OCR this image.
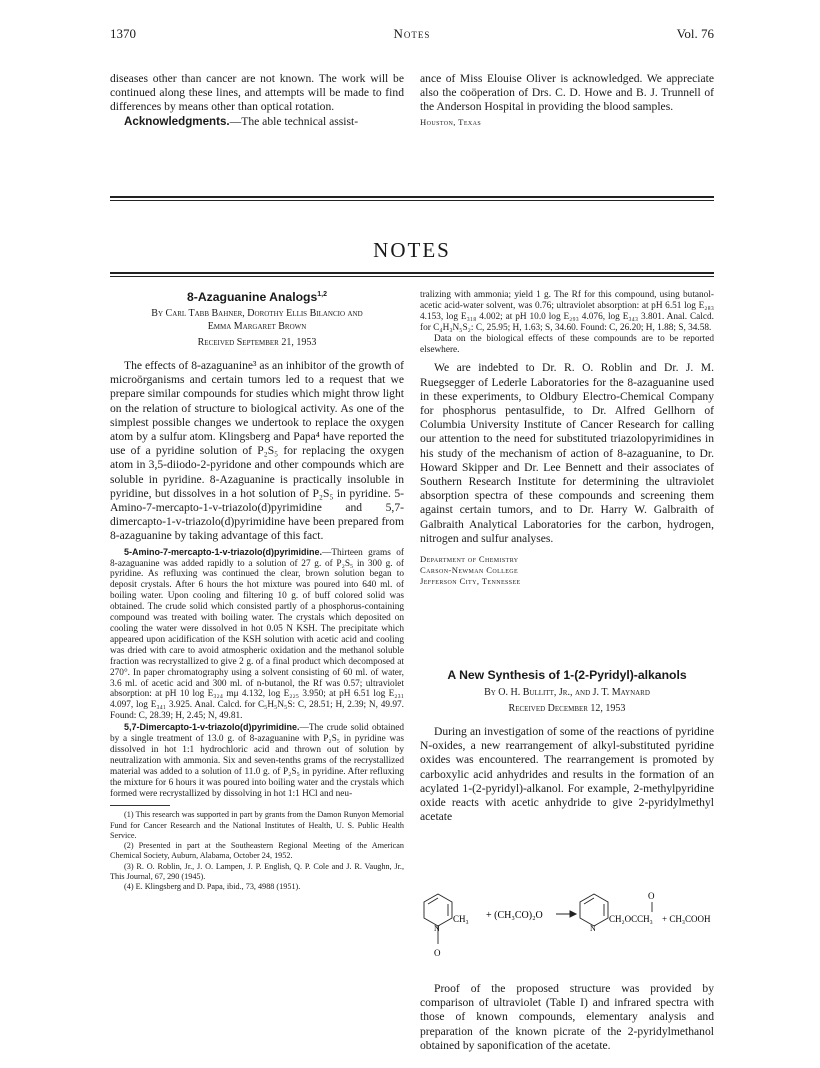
1370	Notes	Vol. 76

diseases other than cancer are not known. The work will be continued along these lines, and attempts will be made to find differences by means other than optical rotation.

Acknowledgments.—The able technical assist-

ance of Miss Elouise Oliver is acknowledged. We appreciate also the coöperation of Drs. C. D. Howe and B. J. Trunnell of the Anderson Hospital in providing the blood samples.

Houston, Texas

NOTES
8-Azaguanine Analogs$^{1,2}$
By Carl Tabb Bahner, Dorothy Ellis Bilancio and
Emma Margaret Brown
Received September 21, 1953

The effects of 8-azaguanine³ as an inhibitor of the growth of microörganisms and certain tumors led to a request that we prepare similar compounds for studies which might throw light on the relation of structure to biological activity. As one of the simplest possible changes we undertook to replace the oxygen atom by a sulfur atom. Klingsberg and Papa⁴ have reported the use of a pyridine solution of P₂S₅ for replacing the oxygen atom in 3,5-diiodo-2-pyridone and other compounds which are soluble in pyridine. 8-Azaguanine is practically insoluble in pyridine, but dissolves in a hot solution of P₂S₅ in pyridine. 5-Amino-7-mercapto-1-v-triazolo(d)pyrimidine and 5,7-dimercapto-1-v-triazolo(d)pyrimidine have been prepared from 8-azaguanine by taking advantage of this fact.

5-Amino-7-mercapto-1-v-triazolo(d)pyrimidine.—Thirteen grams of 8-azaguanine was added rapidly to a solution of 27 g. of P₂S₅ in 300 g. of pyridine. As refluxing was continued the clear, brown solution began to deposit crystals. After 6 hours the hot mixture was poured into 640 ml. of boiling water. Upon cooling and filtering 10 g. of buff colored solid was obtained. The crude solid which consisted partly of a phosphorus-containing compound was treated with boiling water. The crystals which deposited on cooling the water were dissolved in hot 0.05 N KSH. The precipitate which appeared upon acidification of the KSH solution with acetic acid and cooling was dried with care to avoid atmospheric oxidation and the methanol soluble fraction was recrystallized to give 2 g. of a final product which decomposed at 270°. In paper chromatography using a solvent consisting of 60 ml. of water, 3.6 ml. of acetic acid and 300 ml. of n-butanol, the Rf was 0.57; ultraviolet absorption: at pH 10 log E₃₂₄ mμ 4.132, log E₂₂₅ 3.950; at pH 6.51 log E₂₃₁ 4.097, log E₃₄₁ 3.925. Anal. Calcd. for C₅H₅N₅S: C, 28.51; H, 2.39; N, 49.97. Found: C, 28.39; H, 2.45; N, 49.81.

5,7-Dimercapto-1-v-triazolo(d)pyrimidine.—The crude solid obtained by a single treatment of 13.0 g. of 8-azaguanine with P₂S₅ in pyridine was dissolved in hot 1:1 hydrochloric acid and thrown out of solution by neutralization with ammonia. Six and seven-tenths grams of the recrystallized material was added to a solution of 11.0 g. of P₂S₅ in pyridine. After refluxing the mixture for 6 hours it was poured into boiling water and the crystals which formed were recrystallized by dissolving in hot 1:1 HCl and neu-

(1) This research was supported in part by grants from the Damon Runyon Memorial Fund for Cancer Research and the National Institutes of Health, U. S. Public Health Service.

(2) Presented in part at the Southeastern Regional Meeting of the American Chemical Society, Auburn, Alabama, October 24, 1952.

(3) R. O. Roblin, Jr., J. O. Lampen, J. P. English, Q. P. Cole and J. R. Vaughn, Jr., This Journal, 67, 290 (1945).

(4) E. Klingsberg and D. Papa, ibid., 73, 4988 (1951).

tralizing with ammonia; yield 1 g. The Rf for this compound, using butanol-acetic acid-water solvent, was 0.76; ultraviolet absorption: at pH 6.51 log E₂₈₃ 4.153, log E₃₁₈ 4.002; at pH 10.0 log E₂₉₃ 4.076, log E₃₄₃ 3.801. Anal. Calcd. for C₄H₃N₅S₂: C, 25.95; H, 1.63; S, 34.60. Found: C, 26.20; H, 1.88; S, 34.58.

Data on the biological effects of these compounds are to be reported elsewhere.

We are indebted to Dr. R. O. Roblin and Dr. J. M. Ruegsegger of Lederle Laboratories for the 8-azaguanine used in these experiments, to Oldbury Electro-Chemical Company for phosphorus pentasulfide, to Dr. Alfred Gellhorn of Columbia University Institute of Cancer Research for calling our attention to the need for substituted triazolopyrimidines in his study of the mechanism of action of 8-azaguanine, to Dr. Howard Skipper and Dr. Lee Bennett and their associates of Southern Research Institute for determining the ultraviolet absorption spectra of these compounds and screening them against certain tumors, and to Dr. Harry W. Galbraith of Galbraith Analytical Laboratories for the carbon, hydrogen, nitrogen and sulfur analyses.

Department of Chemistry
Carson-Newman College
Jefferson City, Tennessee
A New Synthesis of 1-(2-Pyridyl)-alkanols
By O. H. Bullitt, Jr., and J. T. Maynard
Received December 12, 1953

During an investigation of some of the reactions of pyridine N-oxides, a new rearrangement of alkyl-substituted pyridine oxides was encountered. The rearrangement is promoted by carboxylic acid anhydrides and results in the formation of an acylated 1-(2-pyridyl)-alkanol. For example, 2-methylpyridine oxide reacts with acetic anhydride to give 2-pyridylmethyl acetate

N
CH₃
O
+ (CH₃CO)₂O
N
O
CH₂OCCH₃ + CH₃COOH

Proof of the proposed structure was provided by comparison of ultraviolet (Table I) and infrared spectra with those of known compounds, elementary analysis and preparation of the known picrate of the 2-pyridylmethanol obtained by saponification of the acetate.
